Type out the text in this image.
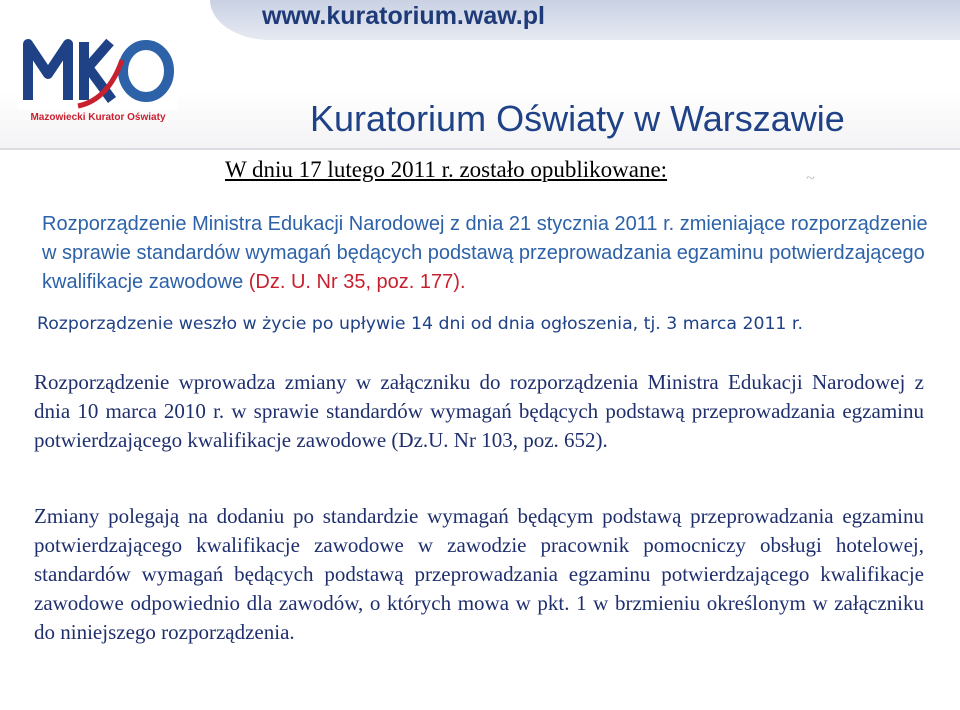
www.kuratorium.waw.pl
Mazowiecki Kurator Oświaty	Kuratorium Oświaty w Warszawie
W dniu 17 lutego 2011 r. zostało opublikowane:	~
Rozporządzenie Ministra Edukacji Narodowej z dnia 21 stycznia 2011 r. zmieniające rozporządzenie w sprawie standardów wymagań będących podstawą przeprowadzania egzaminu potwierdzającego kwalifikacje zawodowe (Dz. U. Nr 35, poz. 177).
Rozporządzenie weszło w życie po upływie 14 dni od dnia ogłoszenia, tj. 3 marca 2011 r.
Rozporządzenie wprowadza zmiany w załączniku do rozporządzenia Ministra Edukacji Narodowej z dnia 10 marca 2010 r. w sprawie standardów wymagań będących podstawą przeprowadzania egzaminu potwierdzającego kwalifikacje zawodowe (Dz.U. Nr 103, poz. 652).
Zmiany polegają na dodaniu po standardzie wymagań będącym podstawą przeprowadzania egzaminu potwierdzającego kwalifikacje zawodowe w zawodzie pracownik pomocniczy obsługi hotelowej, standardów wymagań będących podstawą przeprowadzania egzaminu potwierdzającego kwalifikacje zawodowe odpowiednio dla zawodów, o których mowa w pkt. 1 w brzmieniu określonym w załączniku do niniejszego rozporządzenia.
